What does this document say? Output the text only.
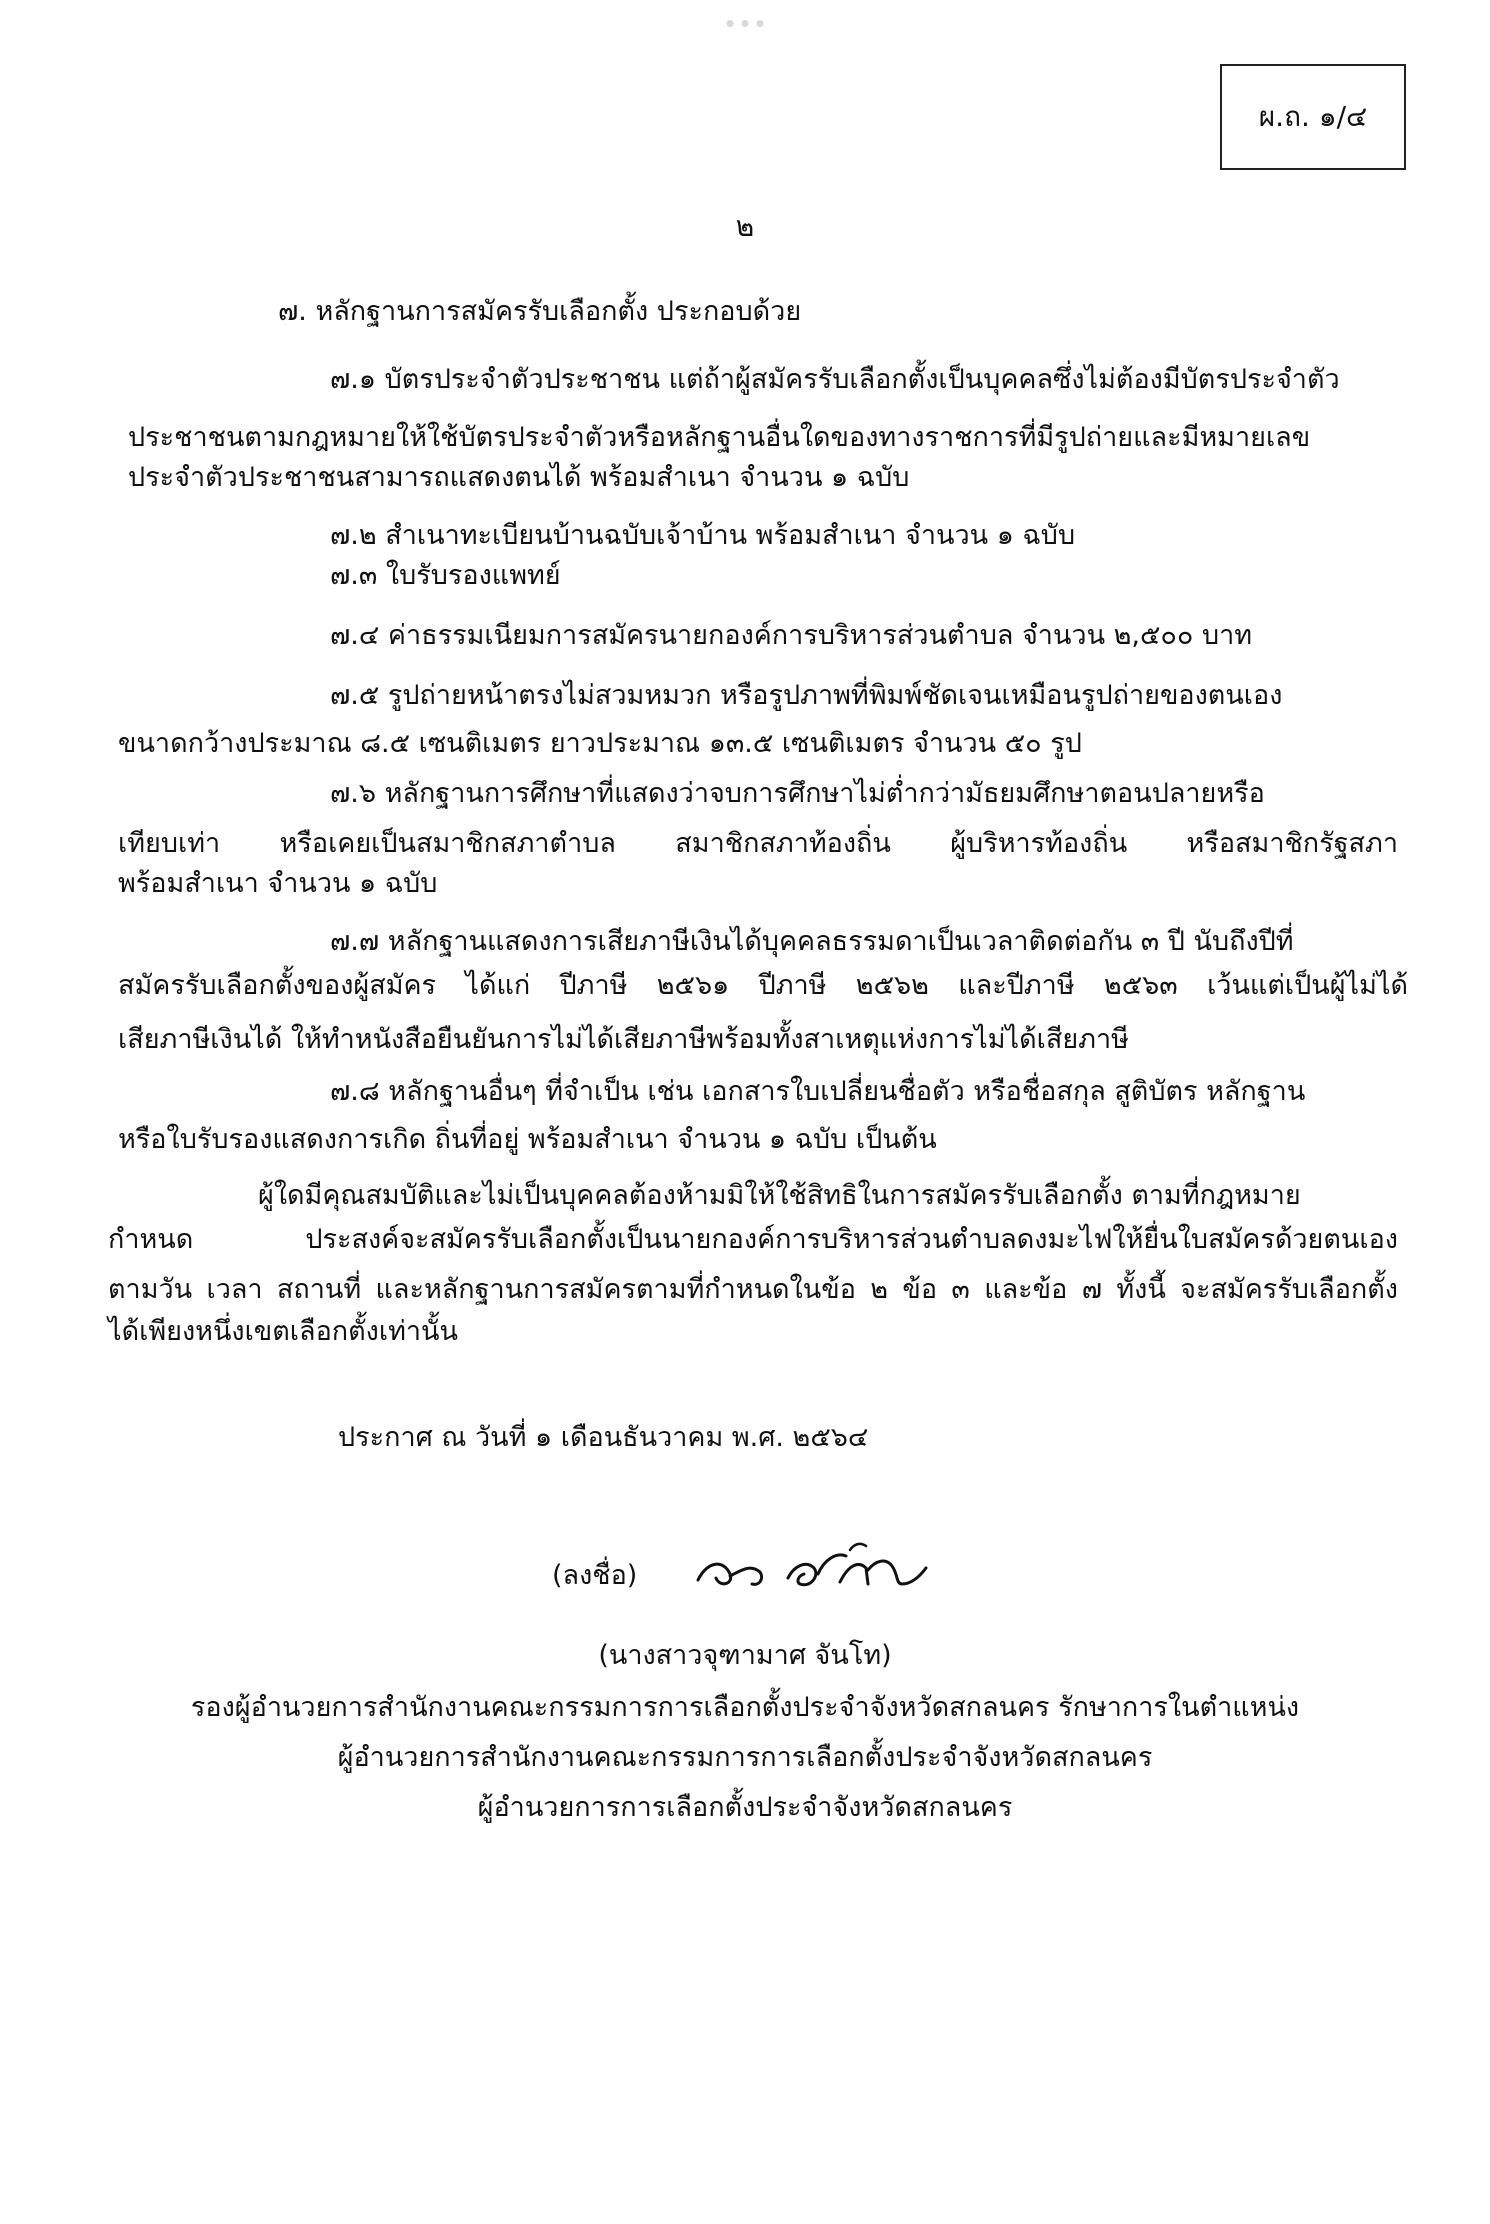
ผ.ถ. ๑/๔
๒
๗. หลักฐานการสมัครรับเลือกตั้ง ประกอบด้วย
๗.๑ บัตรประจำตัวประชาชน แต่ถ้าผู้สมัครรับเลือกตั้งเป็นบุคคลซึ่งไม่ต้องมีบัตรประจำตัว
ประชาชนตามกฎหมายให้ใช้บัตรประจำตัวหรือหลักฐานอื่นใดของทางราชการที่มีรูปถ่ายและมีหมายเลข
ประจำตัวประชาชนสามารถแสดงตนได้ พร้อมสำเนา จำนวน ๑ ฉบับ
๗.๒ สำเนาทะเบียนบ้านฉบับเจ้าบ้าน พร้อมสำเนา จำนวน ๑ ฉบับ
๗.๓ ใบรับรองแพทย์
๗.๔ ค่าธรรมเนียมการสมัครนายกองค์การบริหารส่วนตำบล จำนวน ๒,๕๐๐ บาท
๗.๕ รูปถ่ายหน้าตรงไม่สวมหมวก หรือรูปภาพที่พิมพ์ชัดเจนเหมือนรูปถ่ายของตนเอง
ขนาดกว้างประมาณ ๘.๕ เซนติเมตร ยาวประมาณ ๑๓.๕ เซนติเมตร จำนวน ๕๐ รูป
๗.๖ หลักฐานการศึกษาที่แสดงว่าจบการศึกษาไม่ต่ำกว่ามัธยมศึกษาตอนปลายหรือ
เทียบเท่า หรือเคยเป็นสมาชิกสภาตำบล สมาชิกสภาท้องถิ่น ผู้บริหารท้องถิ่น หรือสมาชิกรัฐสภา
พร้อมสำเนา จำนวน ๑ ฉบับ
๗.๗ หลักฐานแสดงการเสียภาษีเงินได้บุคคลธรรมดาเป็นเวลาติดต่อกัน ๓ ปี นับถึงปีที่
สมัครรับเลือกตั้งของผู้สมัคร ได้แก่ ปีภาษี ๒๕๖๑ ปีภาษี ๒๕๖๒ และปีภาษี ๒๕๖๓ เว้นแต่เป็นผู้ไม่ได้
เสียภาษีเงินได้ ให้ทำหนังสือยืนยันการไม่ได้เสียภาษีพร้อมทั้งสาเหตุแห่งการไม่ได้เสียภาษี
๗.๘ หลักฐานอื่นๆ ที่จำเป็น เช่น เอกสารใบเปลี่ยนชื่อตัว หรือชื่อสกุล สูติบัตร หลักฐาน
หรือใบรับรองแสดงการเกิด ถิ่นที่อยู่ พร้อมสำเนา จำนวน ๑ ฉบับ เป็นต้น
ผู้ใดมีคุณสมบัติและไม่เป็นบุคคลต้องห้ามมิให้ใช้สิทธิในการสมัครรับเลือกตั้ง ตามที่กฎหมาย
กำหนด ประสงค์จะสมัครรับเลือกตั้งเป็นนายกองค์การบริหารส่วนตำบลดงมะไฟให้ยื่นใบสมัครด้วยตนเอง
ตามวัน เวลา สถานที่ และหลักฐานการสมัครตามที่กำหนดในข้อ ๒ ข้อ ๓ และข้อ ๗ ทั้งนี้ จะสมัครรับเลือกตั้ง
ได้เพียงหนึ่งเขตเลือกตั้งเท่านั้น
ประกาศ ณ วันที่ ๑ เดือนธันวาคม พ.ศ. ๒๕๖๔
(ลงชื่อ)
(นางสาวจุฑามาศ จันโท)
รองผู้อำนวยการสำนักงานคณะกรรมการการเลือกตั้งประจำจังหวัดสกลนคร รักษาการในตำแหน่ง
ผู้อำนวยการสำนักงานคณะกรรมการการเลือกตั้งประจำจังหวัดสกลนคร
ผู้อำนวยการการเลือกตั้งประจำจังหวัดสกลนคร
